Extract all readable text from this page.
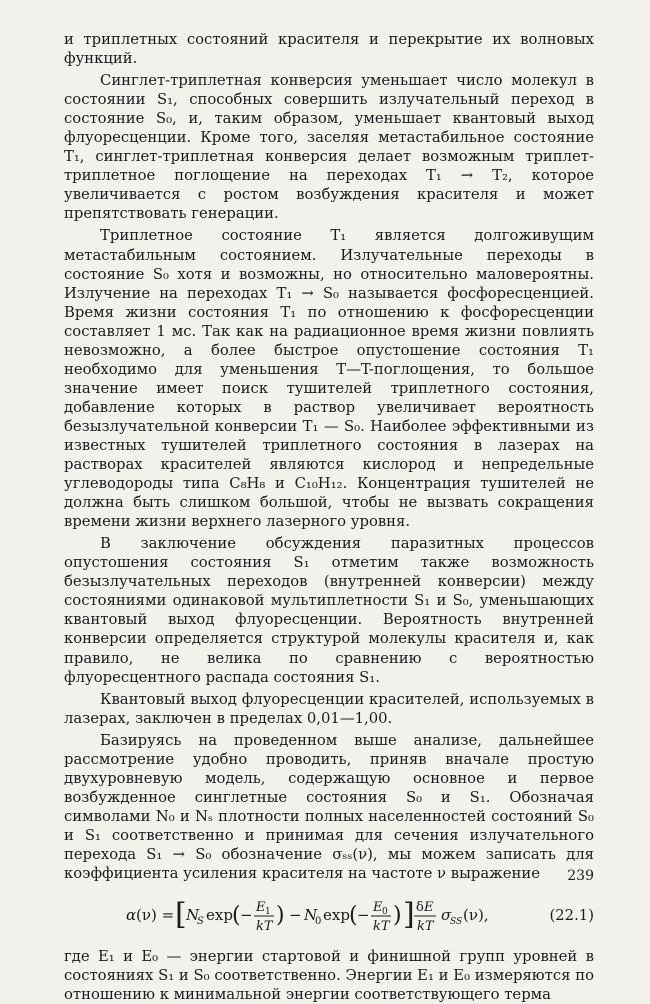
и триплетных состояний красителя и перекрытие их волновых функций.

Синглет-триплетная конверсия уменьшает число молекул в состоянии S₁, способных совершить излучательный переход в состояние S₀, и, таким образом, уменьшает квантовый выход флуоресценции. Кроме того, заселяя метастабильное состояние T₁, синглет-триплетная конверсия делает возможным триплет-триплетное поглощение на переходах T₁ → T₂, которое увеличивается с ростом возбуждения красителя и может препятствовать генерации.

Триплетное состояние T₁ является долгоживущим метастабильным состоянием. Излучательные переходы в состояние S₀ хотя и возможны, но относительно маловероятны. Излучение на переходах T₁ → S₀ называется фосфоресценцией. Время жизни состояния T₁ по отношению к фосфоресценции составляет 1 мс. Так как на радиационное время жизни повлиять невозможно, а более быстрое опустошение состояния T₁ необходимо для уменьшения T—T-поглощения, то большое значение имеет поиск тушителей триплетного состояния, добавление которых в раствор увеличивает вероятность безызлучательной конверсии T₁ — S₀. Наиболее эффективными из известных тушителей триплетного состояния в лазерах на растворах красителей являются кислород и непредельные углеводороды типа C₈H₈ и C₁₀H₁₂. Концентрация тушителей не должна быть слишком большой, чтобы не вызвать сокращения времени жизни верхнего лазерного уровня.

В заключение обсуждения паразитных процессов опустошения состояния S₁ отметим также возможность безызлучательных переходов (внутренней конверсии) между состояниями одинаковой мультиплетности S₁ и S₀, уменьшающих квантовый выход флуоресценции. Вероятность внутренней конверсии определяется структурой молекулы красителя и, как правило, не велика по сравнению с вероятностью флуоресцентного распада состояния S₁.

Квантовый выход флуоресценции красителей, используемых в лазерах, заключен в пределах 0,01—1,00.

Базируясь на проведенном выше анализе, дальнейшее рассмотрение удобно проводить, приняв вначале простую двухуровневую модель, содержащую основное и первое возбужденное синглетные состояния S₀ и S₁. Обозначая символами N₀ и Nₛ плотности полных населенностей состояний S₀ и S₁ соответственно и принимая для сечения излучательного перехода S₁ → S₀ обозначение σₛₛ(ν), мы можем записать для коэффициента усиления красителя на частоте ν выражение

α (ν) = [ N
S exp ( − E 1
kT ) − N
0 exp ( − E 0
kT ) ] δ E
kT
σ
SS (ν),	(22.1)

где E₁ и E₀ — энергии стартовой и финишной групп уровней в состояниях S₁ и S₀ соответственно. Энергии E₁ и E₀ измеряются по отношению к минимальной энергии соответствующего терма

239
